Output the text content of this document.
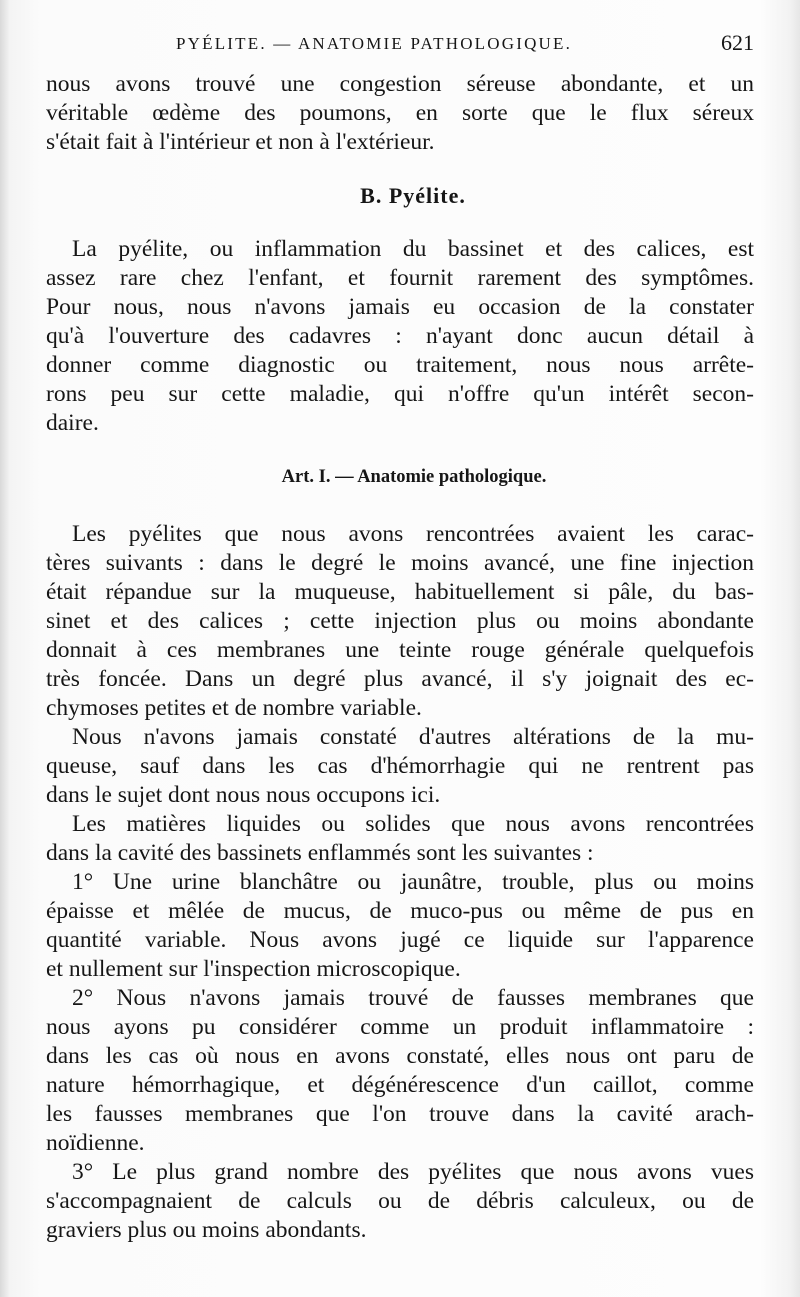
PYÉLITE. — ANATOMIE PATHOLOGIQUE.	621
nous avons trouvé une congestion séreuse abondante, et un
véritable œdème des poumons, en sorte que le flux séreux
s'était fait à l'intérieur et non à l'extérieur.
B. Pyélite.
La pyélite, ou inflammation du bassinet et des calices, est
assez rare chez l'enfant, et fournit rarement des symptômes.
Pour nous, nous n'avons jamais eu occasion de la constater
qu'à l'ouverture des cadavres : n'ayant donc aucun détail à
donner comme diagnostic ou traitement, nous nous arrête-
rons peu sur cette maladie, qui n'offre qu'un intérêt secon-
daire.
Art. I. — Anatomie pathologique.
Les pyélites que nous avons rencontrées avaient les carac-
tères suivants : dans le degré le moins avancé, une fine injection
était répandue sur la muqueuse, habituellement si pâle, du bas-
sinet et des calices ; cette injection plus ou moins abondante
donnait à ces membranes une teinte rouge générale quelquefois
très foncée. Dans un degré plus avancé, il s'y joignait des ec-
chymoses petites et de nombre variable.
Nous n'avons jamais constaté d'autres altérations de la mu-
queuse, sauf dans les cas d'hémorrhagie qui ne rentrent pas
dans le sujet dont nous nous occupons ici.
Les matières liquides ou solides que nous avons rencontrées
dans la cavité des bassinets enflammés sont les suivantes :
1° Une urine blanchâtre ou jaunâtre, trouble, plus ou moins
épaisse et mêlée de mucus, de muco-pus ou même de pus en
quantité variable. Nous avons jugé ce liquide sur l'apparence
et nullement sur l'inspection microscopique.
2° Nous n'avons jamais trouvé de fausses membranes que
nous ayons pu considérer comme un produit inflammatoire :
dans les cas où nous en avons constaté, elles nous ont paru de
nature hémorrhagique, et dégénérescence d'un caillot, comme
les fausses membranes que l'on trouve dans la cavité arach-
noïdienne.
3° Le plus grand nombre des pyélites que nous avons vues
s'accompagnaient de calculs ou de débris calculeux, ou de
graviers plus ou moins abondants.
